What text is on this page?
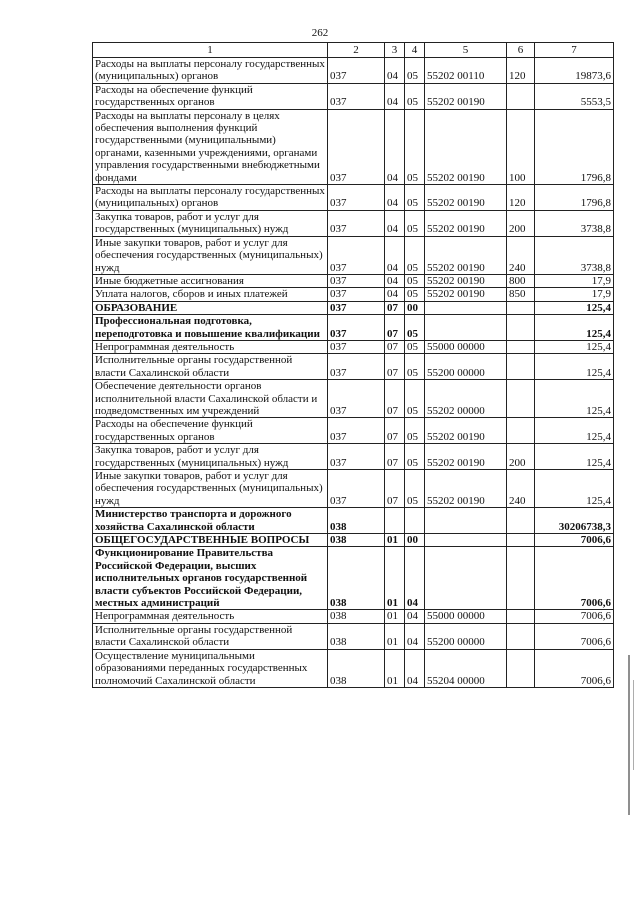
262
1	2	3	4	5	6	7

Расходы на выплаты персоналу государственных (муниципальных) органов	037	04	05	55202 00110	120	19873,6

Расходы на обеспечение функций государственных органов	037	04	05	55202 00190		5553,5

Расходы на выплаты персоналу в целях обеспечения выполнения функций государственными (муниципальными) органами, казенными учреждениями, органами управления государственными внебюджетными фондами	037	04	05	55202 00190	100	1796,8

Расходы на выплаты персоналу государственных (муниципальных) органов	037	04	05	55202 00190	120	1796,8

Закупка товаров, работ и услуг для государственных (муниципальных) нужд	037	04	05	55202 00190	200	3738,8

Иные закупки товаров, работ и услуг для обеспечения государственных (муниципальных) нужд	037	04	05	55202 00190	240	3738,8

Иные бюджетные ассигнования	037	04	05	55202 00190	800	17,9

Уплата налогов, сборов и иных платежей	037	04	05	55202 00190	850	17,9

ОБРАЗОВАНИЕ	037	07	00			125,4

Профессиональная подготовка, переподготовка и повышение квалификации	037	07	05			125,4

Непрограммная деятельность	037	07	05	55000 00000		125,4

Исполнительные органы государственной власти Сахалинской области	037	07	05	55200 00000		125,4

Обеспечение деятельности органов исполнительной власти Сахалинской области и подведомственных им учреждений	037	07	05	55202 00000		125,4

Расходы на обеспечение функций государственных органов	037	07	05	55202 00190		125,4

Закупка товаров, работ и услуг для государственных (муниципальных) нужд	037	07	05	55202 00190	200	125,4

Иные закупки товаров, работ и услуг для обеспечения государственных (муниципальных) нужд	037	07	05	55202 00190	240	125,4

Министерство транспорта и дорожного хозяйства Сахалинской области	038					30206738,3

ОБЩЕГОСУДАРСТВЕННЫЕ ВОПРОСЫ	038	01	00			7006,6

Функционирование Правительства Российской Федерации, высших исполнительных органов государственной власти субъектов Российской Федерации, местных администраций	038	01	04			7006,6

Непрограммная деятельность	038	01	04	55000 00000		7006,6

Исполнительные органы государственной власти Сахалинской области	038	01	04	55200 00000		7006,6

Осуществление муниципальными образованиями переданных государственных полномочий Сахалинской области	038	01	04	55204 00000		7006,6
